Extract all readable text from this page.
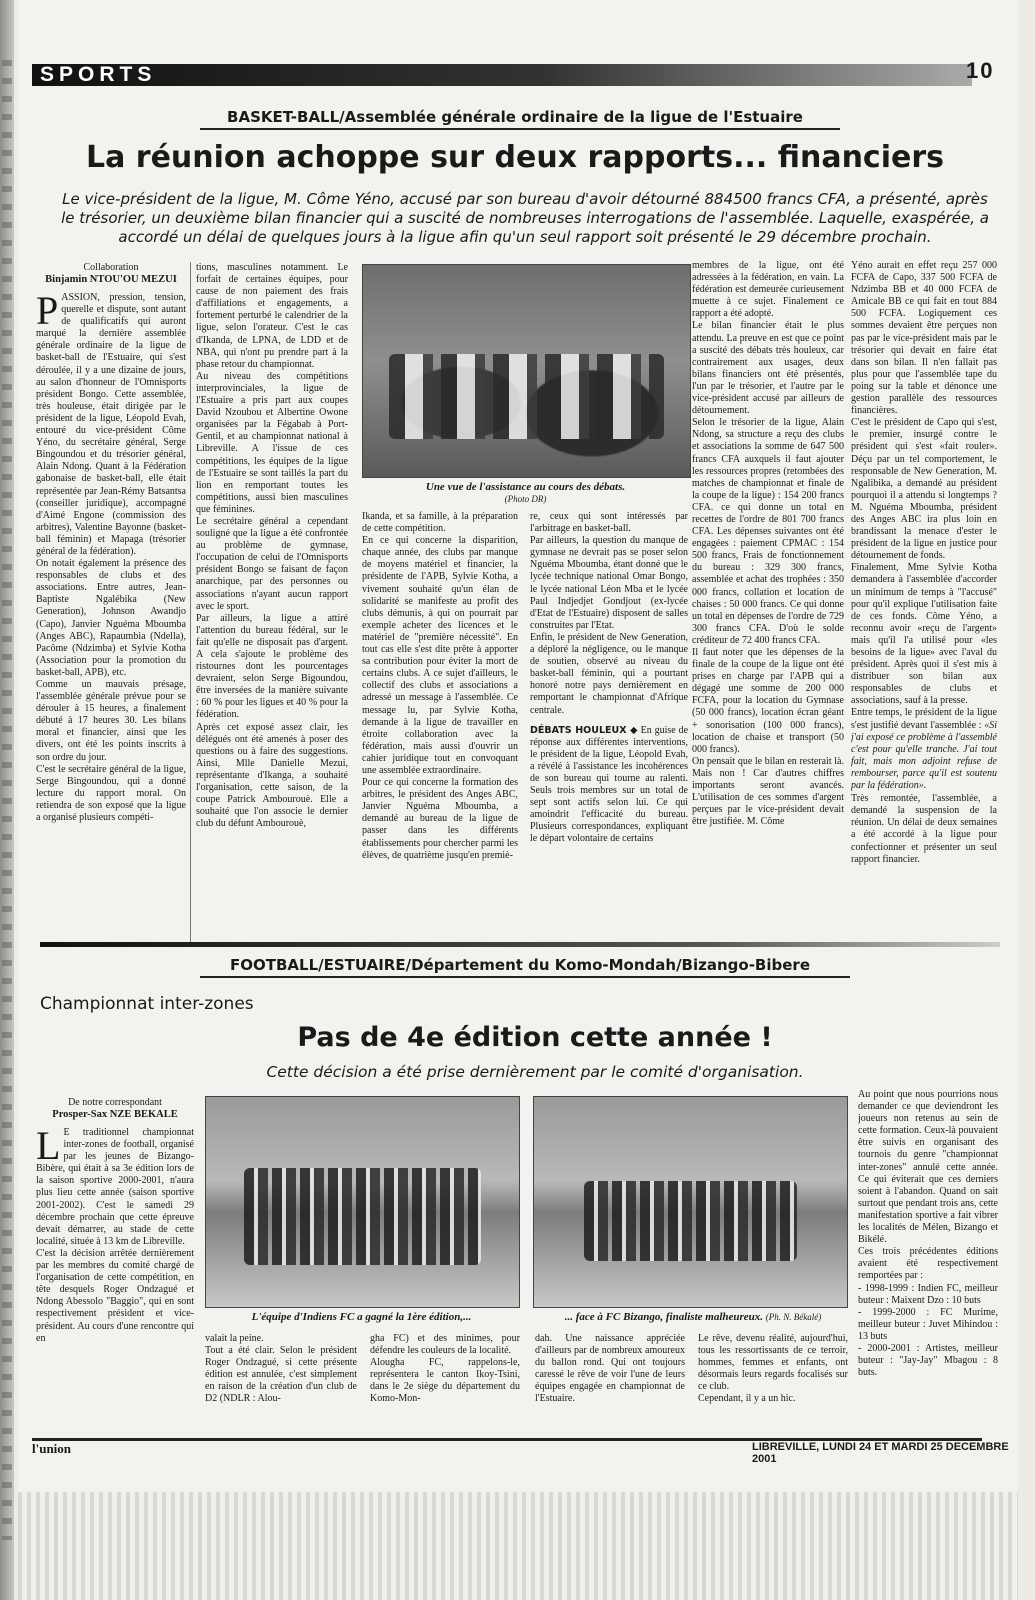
SPORTS	10
BASKET-BALL/Assemblée générale ordinaire de la ligue de l'Estuaire
La réunion achoppe sur deux rapports... financiers
Le vice-président de la ligue, M. Côme Yéno, accusé par son bureau d'avoir détourné 884500 francs CFA, a présenté, après le trésorier, un deuxième bilan financier qui a suscité de nombreuses interrogations de l'assemblée. Laquelle, exaspérée, a accordé un délai de quelques jours à la ligue afin qu'un seul rapport soit présenté le 29 décembre prochain.
Collaboration
Binjamin NTOU'OU MEZUI
P ASSION, pression, tension, querelle et dispute, sont autant de qualificatifs qui auront marqué la dernière assemblée générale ordinaire de la ligue de basket-ball de l'Estuaire, qui s'est déroulée, il y a une dizaine de jours, au salon d'honneur de l'Omnisports président Bongo. Cette assemblée, très houleuse, était dirigée par le président de la ligue, Léopold Evah, entouré du vice-président Côme Yéno, du secrétaire général, Serge Bingoundou et du trésorier général, Alain Ndong. Quant à la Fédération gabonaise de basket-ball, elle était représentée par Jean-Rémy Batsantsa (conseiller juridique), accompagné d'Aimé Engone (commission des arbitres), Valentine Bayonne (basket-ball féminin) et Mapaga (trésorier général de la fédération).
On notait également la présence des responsables de clubs et des associations. Entre autres, Jean-Baptiste Ngalébika (New Generation), Johnson Awandjo (Capo), Janvier Nguéma Mboumba (Anges ABC), Rapaumbia (Ndella), Pacôme (Ndzimba) et Sylvie Kotha (Association pour la promotion du basket-ball, APB), etc.
Comme un mauvais présage, l'assemblée générale prévue pour se dérouler à 15 heures, a finalement débuté à 17 heures 30. Les bilans moral et financier, ainsi que les divers, ont été les points inscrits à son ordre du jour.
C'est le secrétaire général de la ligue, Serge Bingoundou, qui a donné lecture du rapport moral. On retiendra de son exposé que la ligue a organisé plusieurs compéti-
tions, masculines notamment. Le forfait de certaines équipes, pour cause de non paiement des frais d'affiliations et engagements, a fortement perturbé le calendrier de la ligue, selon l'orateur. C'est le cas d'Ikanda, de LPNA, de LDD et de NBA, qui n'ont pu prendre part à la phase retour du championnat.
Au niveau des compétitions interprovinciales, la ligue de l'Estuaire a pris part aux coupes David Nzoubou et Albertine Owone organisées par la Fégabab à Port-Gentil, et au championnat national à Libreville. A l'issue de ces compétitions, les équipes de la ligue de l'Estuaire se sont taillés la part du lion en remportant toutes les compétitions, aussi bien masculines que féminines.
Le secrétaire général a cependant souligné que la ligue a été confrontée au problème de gymnase, l'occupation de celui de l'Omnisports président Bongo se faisant de façon anarchique, par des personnes ou associations n'ayant aucun rapport avec le sport.
Par ailleurs, la ligue a attiré l'attention du bureau fédéral, sur le fait qu'elle ne disposait pas d'argent. A cela s'ajoute le problème des ristournes dont les pourcentages devraient, selon Serge Bigoundou, être inversées de la manière suivante : 60 % pour les ligues et 40 % pour la fédération.
Après cet exposé assez clair, les délégués ont été amenés à poser des questions ou à faire des suggestions. Ainsi, Mlle Danielle Mezui, représentante d'Ikanga, a souhaité l'organisation, cette saison, de la coupe Patrick Ambourouè. Elle a souhaité que l'on associe le dernier club du défunt Ambourouè,
Une vue de l'assistance au cours des débats.
(Photo DR)
Ikanda, et sa famille, à la préparation de cette compétition.
En ce qui concerne la disparition, chaque année, des clubs par manque de moyens matériel et financier, la présidente de l'APB, Sylvie Kotha, a vivement souhaité qu'un élan de solidarité se manifeste au profit des clubs démunis, à qui on pourrait par exemple acheter des licences et le matériel de "première nécessité". En tout cas elle s'est dite prête à apporter sa contribution pour éviter la mort de certains clubs. A ce sujet d'ailleurs, le collectif des clubs et associations a adressé un message à l'assemblée. Ce message lu, par Sylvie Kotha, demande à la ligue de travailler en étroite collaboration avec la fédération, mais aussi d'ouvrir un cahier juridique tout en convoquant une assemblée extraordinaire.
Pour ce qui concerne la formation des arbitres, le président des Anges ABC, Janvier Nguéma Mboumba, a demandé au bureau de la ligue de passer dans les différents établissements pour chercher parmi les élèves, de quatrième jusqu'en premiè-
re, ceux qui sont intéressés par l'arbitrage en basket-ball.
Par ailleurs, la question du manque de gymnase ne devrait pas se poser selon Nguéma Mboumba, étant donné que le lycée technique national Omar Bongo, le lycée national Léon Mba et le lycée Paul Indjedjet Gondjout (ex-lycée d'Etat de l'Estuaire) disposent de salles construites par l'Etat.
Enfin, le président de New Generation, a déploré la négligence, ou le manque de soutien, observé au niveau du basket-ball féminin, qui a pourtant honoré notre pays dernièrement en remportant le championnat d'Afrique centrale.
DÉBATS HOULEUX ◆ En guise de réponse aux différentes interventions, le président de la ligue, Léopold Evah, a révélé à l'assistance les incohérences de son bureau qui tourne au ralenti. Seuls trois membres sur un total de sept sont actifs selon lui. Ce qui amoindrit l'efficacité du bureau. Plusieurs correspondances, expliquant le départ volontaire de certains
membres de la ligue, ont été adressées à la fédération, en vain. La fédération est demeurée curieusement muette à ce sujet. Finalement ce rapport a été adopté.
Le bilan financier était le plus attendu. La preuve en est que ce point a suscité des débats très houleux, car contrairement aux usages, deux bilans financiers ont été présentés, l'un par le trésorier, et l'autre par le vice-président accusé par ailleurs de détournement.
Selon le trésorier de la ligue, Alain Ndong, sa structure a reçu des clubs et associations la somme de 647 500 francs CFA auxquels il faut ajouter les ressources propres (retombées des matches de championnat et finale de la coupe de la ligue) : 154 200 francs CFA. ce qui donne un total en recettes de l'ordre de 801 700 francs CFA. Les dépenses suivantes ont été engagées : paiement CPMAC : 154 500 francs, Frais de fonctionnement du bureau : 329 300 francs, assemblée et achat des trophées : 350 000 francs, collation et location de chaises : 50 000 francs. Ce qui donne un total en dépenses de l'ordre de 729 300 francs CFA. D'où le solde créditeur de 72 400 francs CFA.
Il faut noter que les dépenses de la finale de la coupe de la ligue ont été prises en charge par l'APB qui a dégagé une somme de 200 000 FCFA, pour la location du Gymnase (50 000 francs), location écran géant + sonorisation (100 000 francs), location de chaise et transport (50 000 francs).
On pensait que le bilan en resterait là. Mais non ! Car d'autres chiffres importants seront avancés. L'utilisation de ces sommes d'argent perçues par le vice-président devait être justifiée. M. Côme
Yéno aurait en effet reçu 257 000 FCFA de Capo, 337 500 FCFA de Ndzimba BB et 40 000 FCFA de Amicale BB ce qui fait en tout 884 500 FCFA. Logiquement ces sommes devaient être perçues non pas par le vice-président mais par le trésorier qui devait en faire état dans son bilan. Il n'en fallait pas plus pour que l'assemblée tape du poing sur la table et dénonce une gestion parallèle des ressources financières.
C'est le président de Capo qui s'est, le premier, insurgé contre le président qui s'est «fait rouler». Déçu par un tel comportement, le responsable de New Generation, M. Ngalibika, a demandé au président pourquoi il a attendu si longtemps ? M. Nguéma Mboumba, président des Anges ABC ira plus loin en brandissant la menace d'ester le président de la ligue en justice pour détournement de fonds.
Finalement, Mme Sylvie Kotha demandera à l'assemblée d'accorder un minimum de temps à "l'accusé" pour qu'il explique l'utilisation faite de ces fonds. Côme Yéno, a reconnu avoir «reçu de l'argent» mais qu'il l'a utilisé pour «les besoins de la ligue» avec l'aval du président. Après quoi il s'est mis à distribuer son bilan aux responsables de clubs et associations, sauf à la presse.
Entre temps, le président de la ligue s'est justifié devant l'assemblée : «Si j'ai exposé ce problème à l'assemblé c'est pour qu'elle tranche. J'ai tout fait, mais mon adjoint refuse de rembourser, parce qu'il est soutenu par la fédération».
Très remontée, l'assemblée, a demandé la suspension de la réunion. Un délai de deux semaines a été accordé à la ligue pour confectionner et présenter un seul rapport financier.
FOOTBALL/ESTUAIRE/Département du Komo-Mondah/Bizango-Bibere
Championnat inter-zones
Pas de 4e édition cette année !
Cette décision a été prise dernièrement par le comité d'organisation.
De notre correspondant
Prosper-Sax NZE BEKALE
L E traditionnel championnat inter-zones de football, organisé par les jeunes de Bizango-Bibère, qui était à sa 3e édition lors de la saison sportive 2000-2001, n'aura plus lieu cette année (saison sportive 2001-2002). C'est le samedi 29 décembre prochain que cette épreuve devait démarrer, au stade de cette localité, située à 13 km de Libreville.
C'est la décision arrêtée dernièrement par les membres du comité chargé de l'organisation de cette compétition, en tête desquels Roger Ondzagué et Ndong Abessolo "Baggio", qui en sont respectivement président et vice-président. Au cours d'une rencontre qui en
L'équipe d'Indiens FC a gagné la 1ère édition,...	... face à FC Bizango, finaliste malheureux. (Ph. N. Békalé)
valait la peine.
Tout a été clair. Selon le président Roger Ondzagué, si cette présente édition est annulée, c'est simplement en raison de la création d'un club de D2 (NDLR : Alou-
gha FC) et des minimes, pour défendre les couleurs de la localité.
Alougha FC, rappelons-le, représentera le canton Ikoy-Tsini, dans le 2e siège du département du Komo-Mon-
dah. Une naissance appréciée d'ailleurs par de nombreux amoureux du ballon rond. Qui ont toujours caressé le rêve de voir l'une de leurs équipes engagée en championnat de l'Estuaire.
Le rêve, devenu réalité, aujourd'hui, tous les ressortissants de ce terroir, hommes, femmes et enfants, ont désormais leurs regards focalisés sur ce club.
Cependant, il y a un hic.
Au point que nous pourrions nous demander ce que deviendront les joueurs non retenus au sein de cette formation. Ceux-là pouvaient être suivis en organisant des tournois du genre "championnat inter-zones" annulé cette année. Ce qui éviterait que ces derniers soient à l'abandon. Quand on sait surtout que pendant trois ans, cette manifestation sportive a fait vibrer les localités de Mélen, Bizango et Bikélé.
Ces trois précédentes éditions avaient été respectivement remportées par :
- 1998-1999 : Indien FC, meilleur buteur : Maixent Dzo : 10 buts
- 1999-2000 : FC Murime, meilleur buteur : Juvet Mihindou : 13 buts
- 2000-2001 : Artistes, meilleur buteur : "Jay-Jay" Mbagou : 8 buts.
l'union	LIBREVILLE, LUNDI 24 ET MARDI 25 DECEMBRE 2001
